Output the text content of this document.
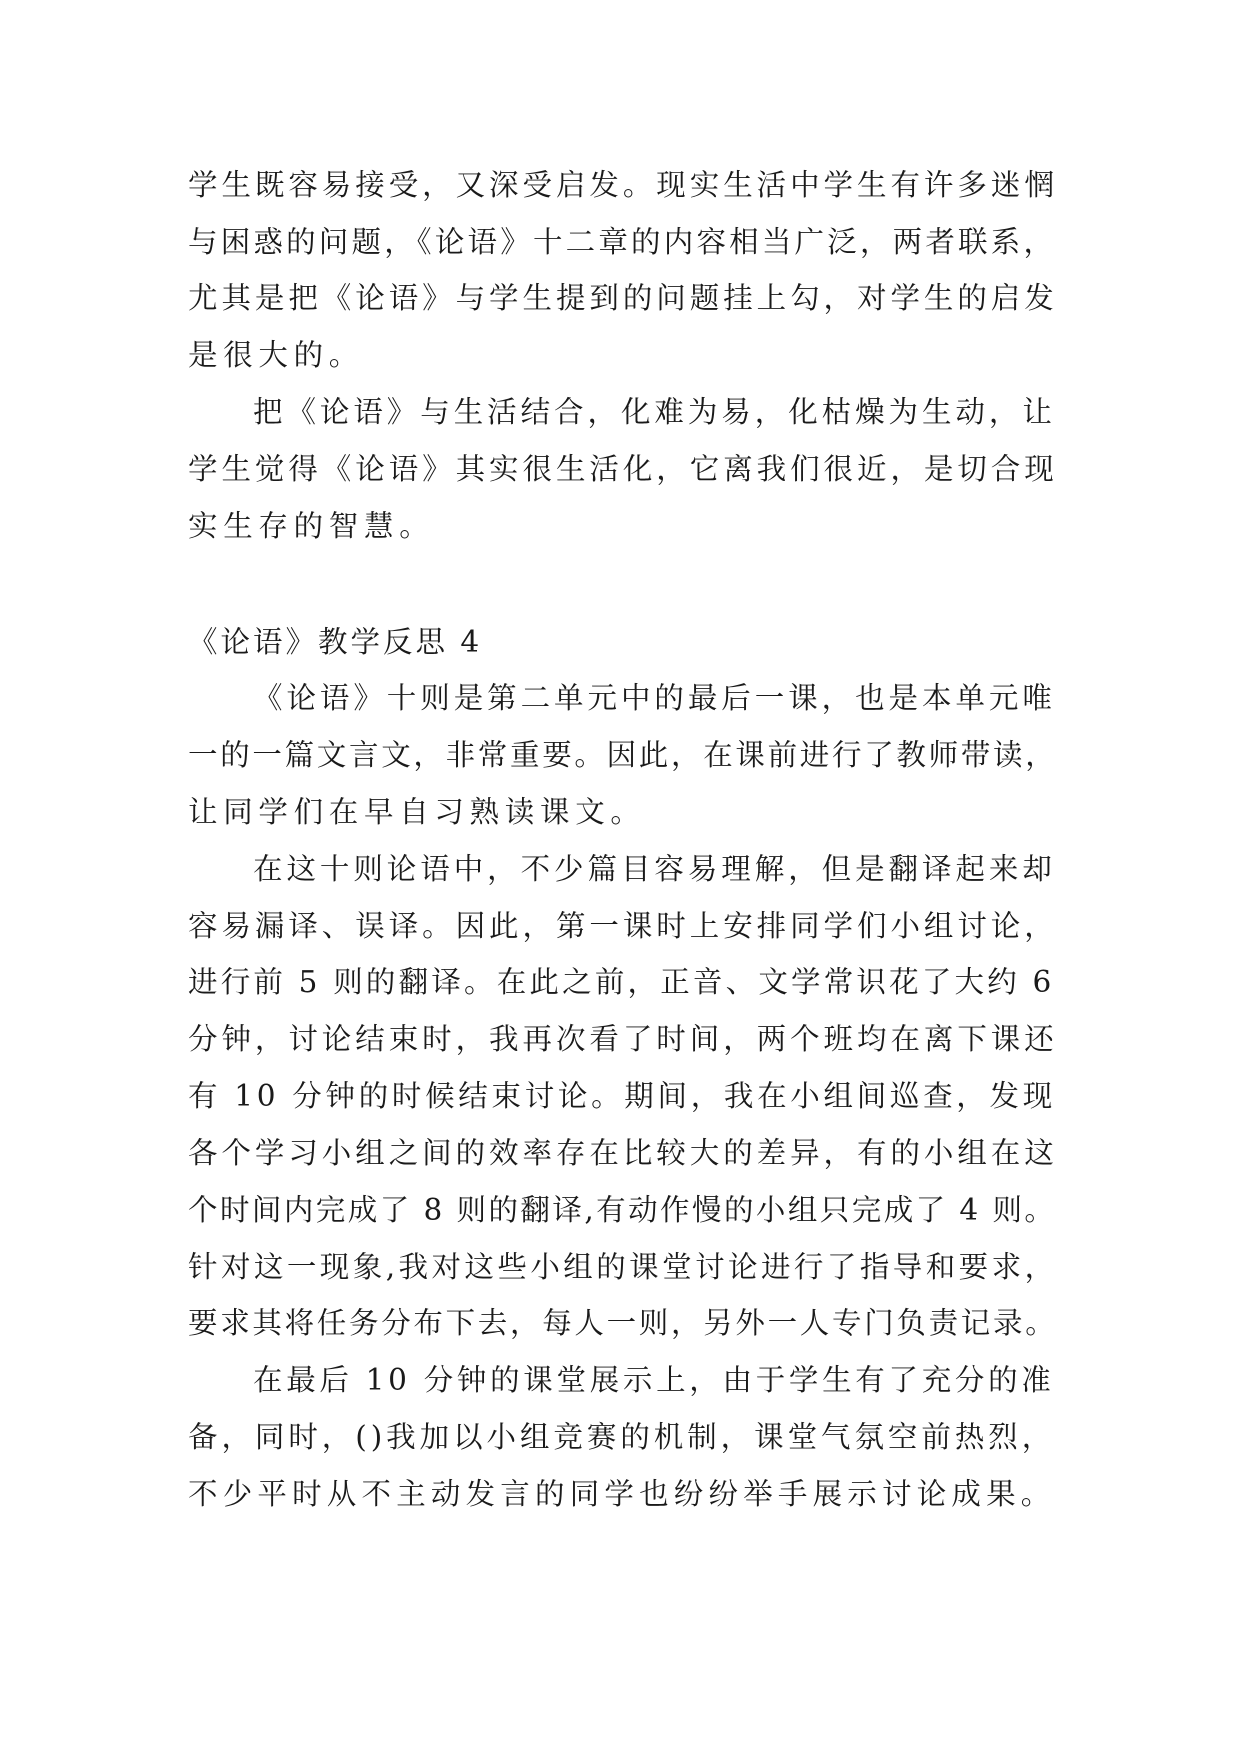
学生既容易接受，又深受启发。现实生活中学生有许多迷惘
与困惑的问题，《论语》十二章的内容相当广泛，两者联系，
尤其是把《论语》与学生提到的问题挂上勾，对学生的启发
是很大的。
把《论语》与生活结合，化难为易，化枯燥为生动，让
学生觉得《论语》其实很生活化，它离我们很近，是切合现
实生存的智慧。
《论语》教学反思 4
《论语》十则是第二单元中的最后一课，也是本单元唯
一的一篇文言文，非常重要。因此，在课前进行了教师带读，
让同学们在早自习熟读课文。
在这十则论语中，不少篇目容易理解，但是翻译起来却
容易漏译、误译。因此，第一课时上安排同学们小组讨论，
进行前 5 则的翻译。在此之前，正音、文学常识花了大约 6
分钟，讨论结束时，我再次看了时间，两个班均在离下课还
有 10 分钟的时候结束讨论。期间，我在小组间巡查，发现
各个学习小组之间的效率存在比较大的差异，有的小组在这
个时间内完成了 8 则的翻译,有动作慢的小组只完成了 4 则。
针对这一现象,我对这些小组的课堂讨论进行了指导和要求，
要求其将任务分布下去，每人一则，另外一人专门负责记录。
在最后 10 分钟的课堂展示上，由于学生有了充分的准
备，同时，()我加以小组竞赛的机制，课堂气氛空前热烈，
不少平时从不主动发言的同学也纷纷举手展示讨论成果。
